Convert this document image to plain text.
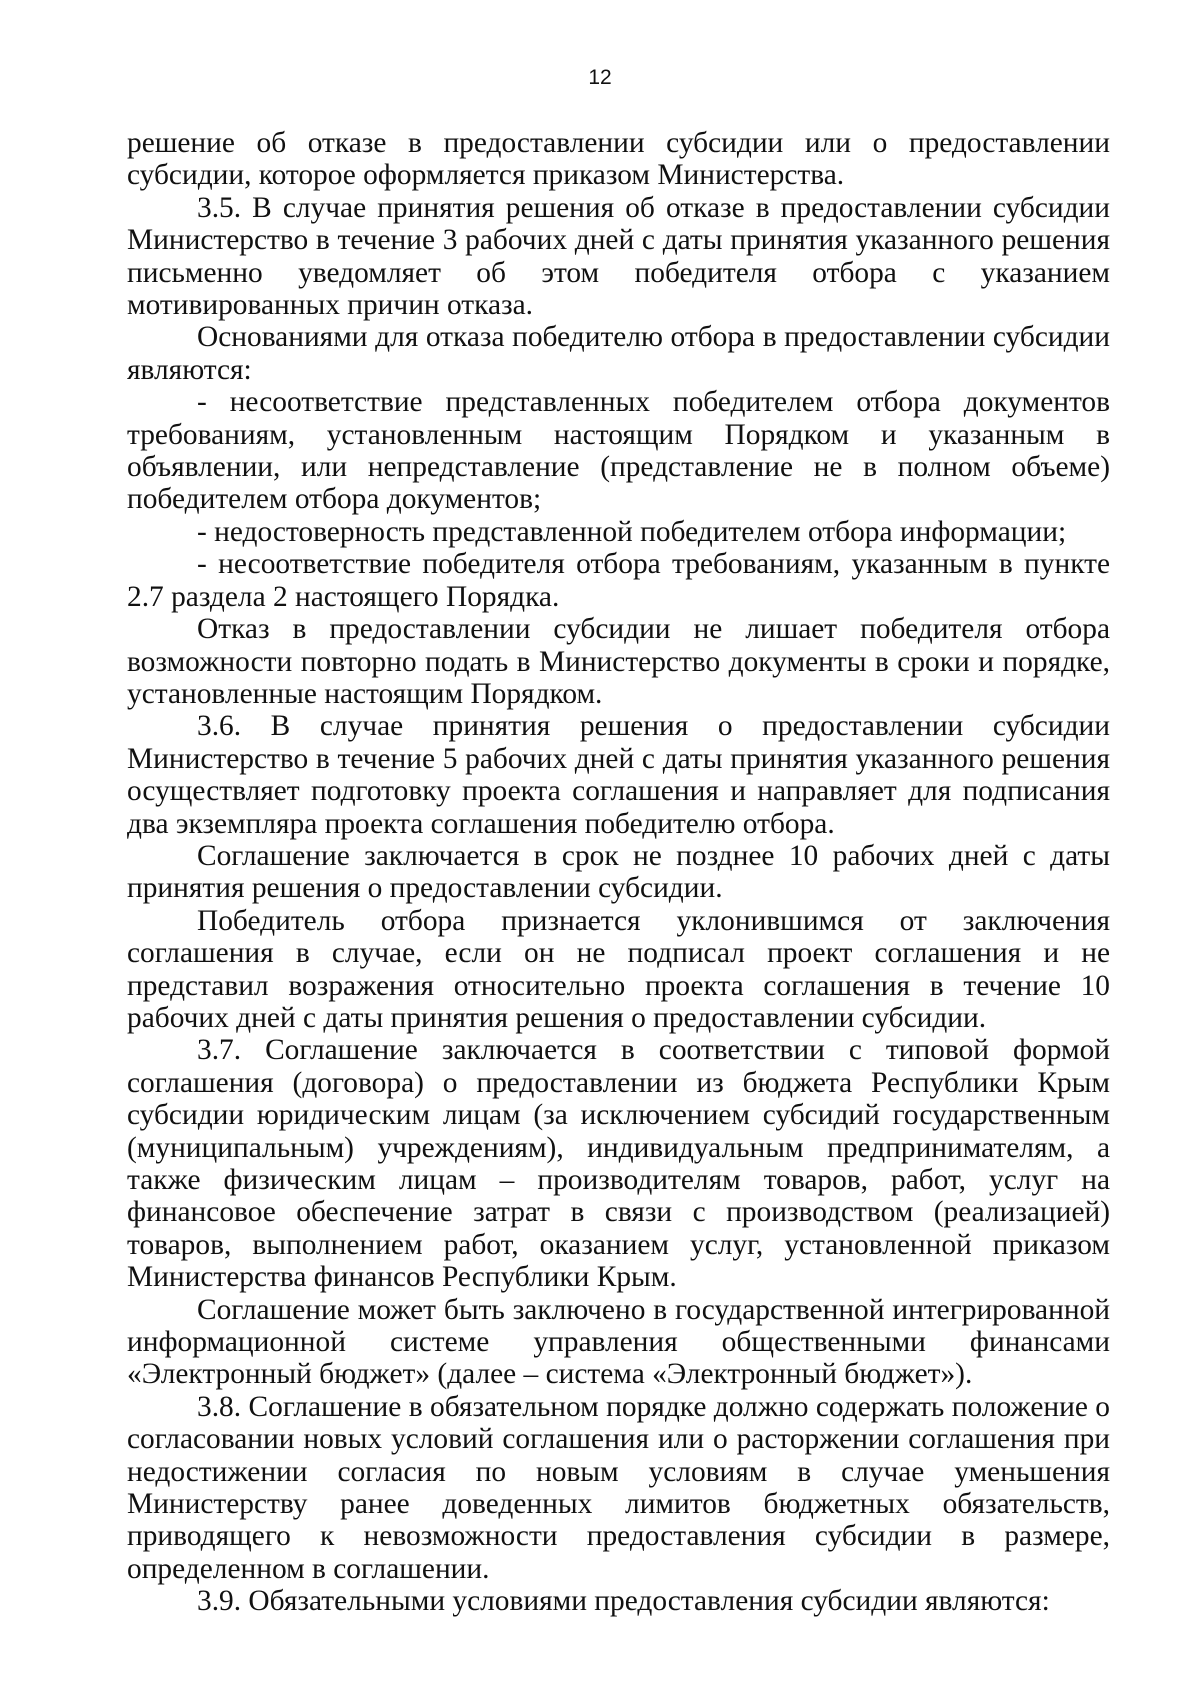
12

решение об отказе в предоставлении субсидии или о предоставлении субсидии, которое оформляется приказом Министерства.

3.5. В случае принятия решения об отказе в предоставлении субсидии Министерство в течение 3 рабочих дней с даты принятия указанного решения письменно уведомляет об этом победителя отбора с указанием мотивированных причин отказа.

Основаниями для отказа победителю отбора в предоставлении субсидии являются:

- несоответствие представленных победителем отбора документов требованиям, установленным настоящим Порядком и указанным в объявлении, или непредставление (представление не в полном объеме) победителем отбора документов;

- недостоверность представленной победителем отбора информации;

- несоответствие победителя отбора требованиям, указанным в пункте 2.7 раздела 2 настоящего Порядка.

Отказ в предоставлении субсидии не лишает победителя отбора возможности повторно подать в Министерство документы в сроки и порядке, установленные настоящим Порядком.

3.6. В случае принятия решения о предоставлении субсидии Министерство в течение 5 рабочих дней с даты принятия указанного решения осуществляет подготовку проекта соглашения и направляет для подписания два экземпляра проекта соглашения победителю отбора.

Соглашение заключается в срок не позднее 10 рабочих дней с даты принятия решения о предоставлении субсидии.

Победитель отбора признается уклонившимся от заключения соглашения в случае, если он не подписал проект соглашения и не представил возражения относительно проекта соглашения в течение 10 рабочих дней с даты принятия решения о предоставлении субсидии.

3.7. Соглашение заключается в соответствии с типовой формой соглашения (договора) о предоставлении из бюджета Республики Крым субсидии юридическим лицам (за исключением субсидий государственным (муниципальным) учреждениям), индивидуальным предпринимателям, а также физическим лицам – производителям товаров, работ, услуг на финансовое обеспечение затрат в связи с производством (реализацией) товаров, выполнением работ, оказанием услуг, установленной приказом Министерства финансов Республики Крым.

Соглашение может быть заключено в государственной интегрированной информационной системе управления общественными финансами «Электронный бюджет» (далее – система «Электронный бюджет»).

3.8. Соглашение в обязательном порядке должно содержать положение о согласовании новых условий соглашения или о расторжении соглашения при недостижении согласия по новым условиям в случае уменьшения Министерству ранее доведенных лимитов бюджетных обязательств, приводящего к невозможности предоставления субсидии в размере, определенном в соглашении.

3.9. Обязательными условиями предоставления субсидии являются:
